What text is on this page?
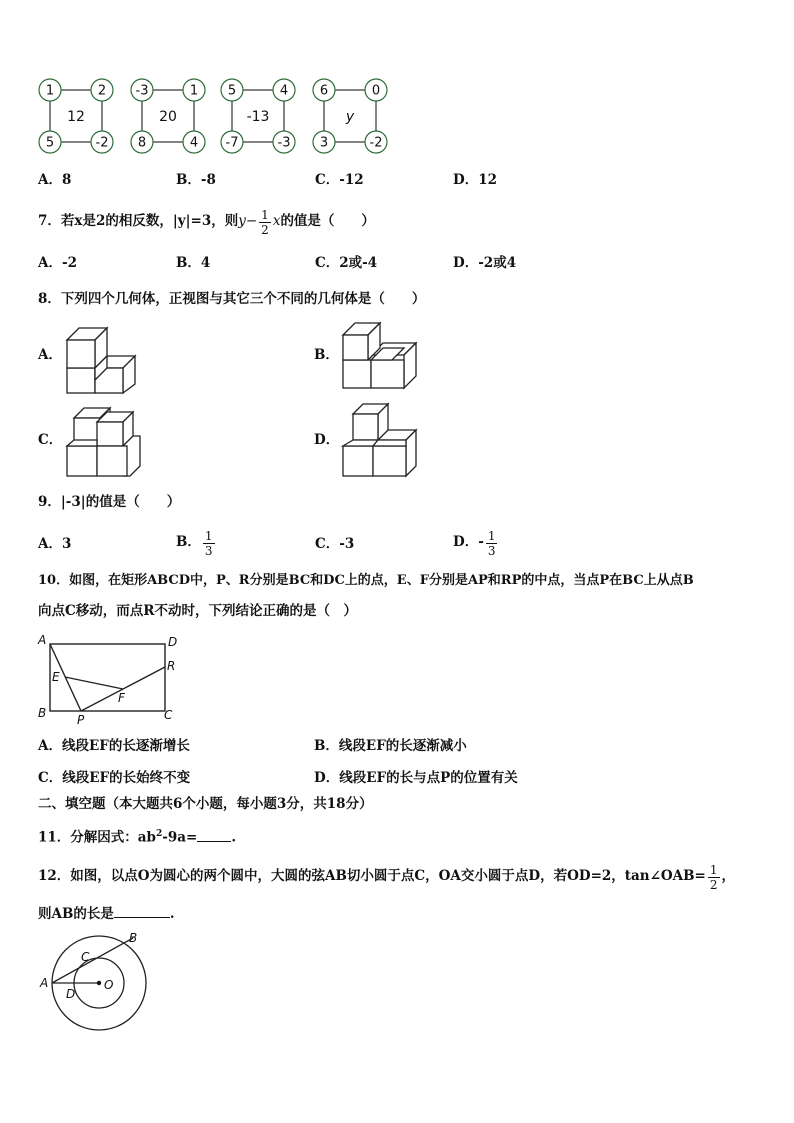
1	2
5	-2
12
-3	1
8	4
20
5	4
-7	-3
-13
6	0
3	-2
y
A．8	B．-8	C．-12	D．12
7．若x是2的相反数，|y|=3，则 $y - \frac{1}{2}$ x 的值是（　　）
A．-2	B．4	C．2或-4	D．-2或4
8．下列四个几何体，正视图与其它三个不同的几何体是（　　）
A．	B．
C．	D．
9．|-3|的值是（　　）
A．3	B． $\frac{1}{3}$	C．-3	D．- $\frac{1}{3}$
10．如图，在矩形ABCD中，P、R分别是BC和DC上的点，E、F分别是AP和RP的中点，当点P在BC上从点B
向点C移动，而点R不动时，下列结论正确的是（　）
A	D
B	C
R
E
F
P
A．线段EF的长逐渐增长	B．线段EF的长逐渐减小
C．线段EF的长始终不变	D．线段EF的长与点P的位置有关
二、填空题（本大题共6个小题，每小题3分，共18分）
11．分解因式：$ab^2-9a=$	.
12．如图，以点O为圆心的两个圆中，大圆的弦AB切小圆于点C，OA交小圆于点D，若OD=2，tan∠OAB= $\frac{1}{2}$ ，
则AB的长是	.
A
B
C
D
O
